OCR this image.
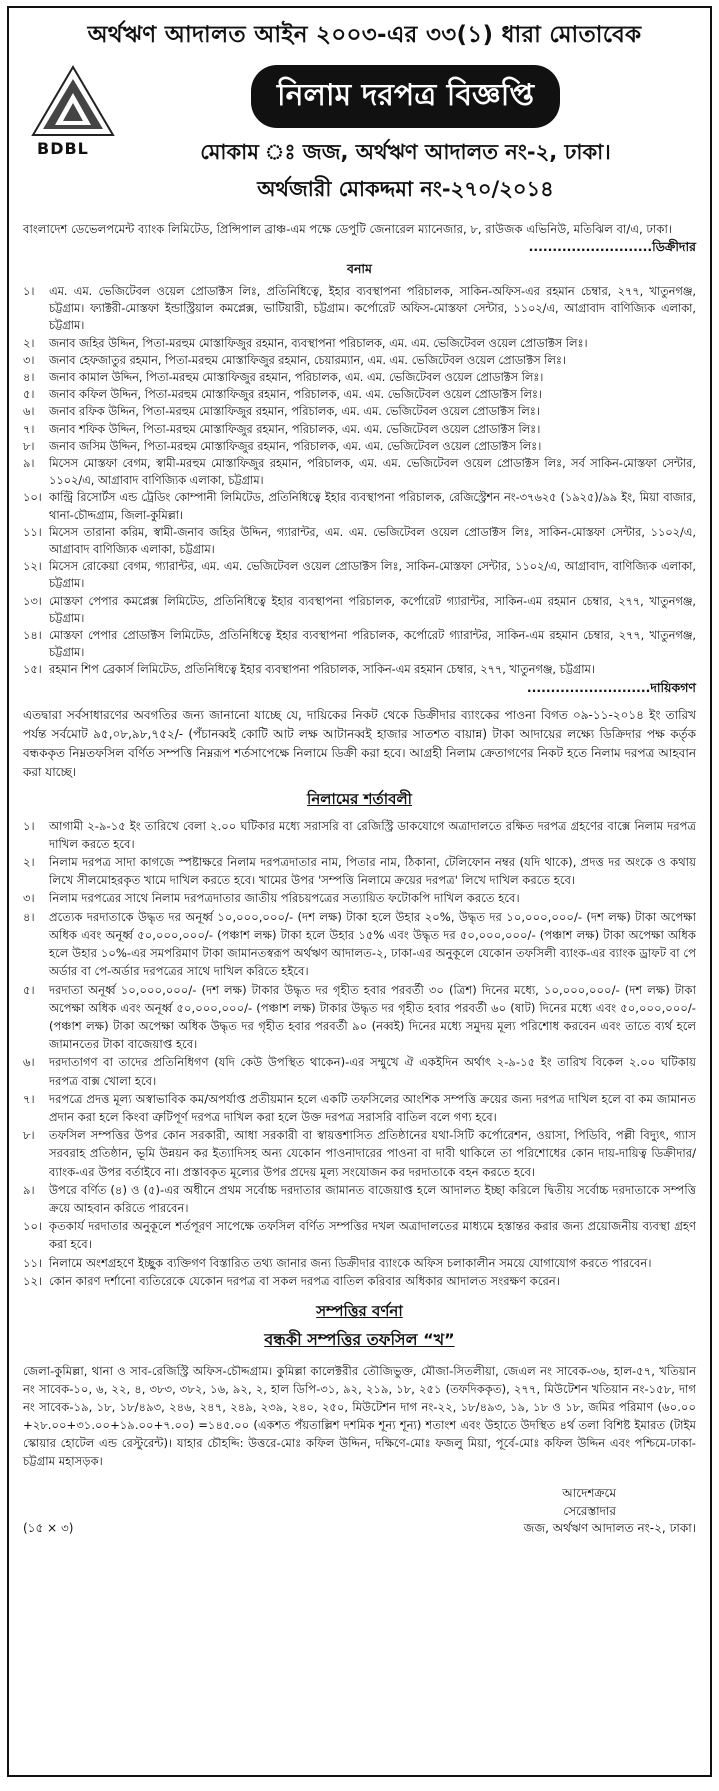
অর্থঋণ আদালত আইন ২০০৩-এর ৩৩(১) ধারা মোতাবেক
BDBL
নিলাম দরপত্র বিজ্ঞপ্তি
মোকাম ঃ জজ, অর্থঋণ আদালত নং-২, ঢাকা।
অর্থজারী মোকদ্দমা নং-২৭০/২০১৪
বাংলাদেশ ডেভেলপমেন্ট ব্যাংক লিমিটেড, প্রিন্সিপাল ব্রাঞ্চ-এম পক্ষে ডেপুটি জেনারেল ম্যানেজার, ৮, রাউজক এভিনিউ, মতিঝিল বা/এ, ঢাকা।
..........................ডিক্রীদার
বনাম
১।	এম. এম. ভেজিটেবল ওয়েল প্রোডাক্টস লিঃ, প্রতিনিধিত্বে, ইহার ব্যবস্থাপনা পরিচালক, সাকিন-অফিস-এর রহমান চেম্বার, ২৭৭, খাতুনগঞ্জ, চট্টগ্রাম। ফ্যাক্টরী-মোস্তফা ইন্ডাস্ট্রিয়াল কমপ্লেক্স, ভাটিয়ারী, চট্টগ্রাম। কর্পোরেট অফিস-মোস্তফা সেন্টার, ১১০২/এ, আগ্রাবাদ বাণিজ্যিক এলাকা, চট্টগ্রাম।
২।	জনাব জহির উদ্দিন, পিতা-মরহুম মোস্তাফিজুর রহমান, ব্যবস্থাপনা পরিচালক, এম. এম. ভেজিটেবল ওয়েল প্রোডাক্টস লিঃ।
৩।	জনাব হেফজাতুর রহমান, পিতা-মরহুম মোস্তাফিজুর রহমান, চেয়ারম্যান, এম. এম. ভেজিটেবল ওয়েল প্রোডাক্টস লিঃ।
৪।	জনাব কামাল উদ্দিন, পিতা-মরহুম মোস্তাফিজুর রহমান, পরিচালক, এম. এম. ভেজিটেবল ওয়েল প্রোডাক্টস লিঃ।
৫।	জনাব কফিল উদ্দিন, পিতা-মরহুম মোস্তাফিজুর রহমান, পরিচালক, এম. এম. ভেজিটেবল ওয়েল প্রোডাক্টস লিঃ।
৬।	জনাব রফিক উদ্দিন, পিতা-মরহুম মোস্তাফিজুর রহমান, পরিচালক, এম. এম. ভেজিটেবল ওয়েল প্রোডাক্টস লিঃ।
৭।	জনাব শফিক উদ্দিন, পিতা-মরহুম মোস্তাফিজুর রহমান, পরিচালক, এম. এম. ভেজিটেবল ওয়েল প্রোডাক্টস লিঃ।
৮।	জনাব জসিম উদ্দিন, পিতা-মরহুম মোস্তাফিজুর রহমান, পরিচালক, এম. এম. ভেজিটেবল ওয়েল প্রোডাক্টস লিঃ।
৯।	মিসেস মোস্তফা বেগম, স্বামী-মরহুম মোস্তাফিজুর রহমান, পরিচালক, এম. এম. ভেজিটেবল ওয়েল প্রোডাক্টস লিঃ, সর্ব সাকিন-মোস্তফা সেন্টার, ১১০২/এ, আগ্রাবাদ বাণিজ্যিক এলাকা, চট্টগ্রাম।
১০। কান্ট্রি রিসোর্টস এন্ড ট্রেডিং কোম্পানী লিমিটেড, প্রতিনিধিত্বে ইহার ব্যবস্থাপনা পরিচালক, রেজিস্ট্রেশন নং-৩৭৬২৫ (১৯২৫)/৯৯ ইং, মিয়া বাজার, থানা-চৌদ্দগ্রাম, জিলা-কুমিল্লা।
১১। মিসেস তারানা করিম, স্বামী-জনাব জহির উদ্দিন, গ্যারান্টর, এম. এম. ভেজিটেবল ওয়েল প্রোডাক্টস লিঃ, সাকিন-মোস্তফা সেন্টার, ১১০২/এ, আগ্রাবাদ বাণিজ্যিক এলাকা, চট্টগ্রাম।
১২। মিসেস রোকেয়া বেগম, গ্যারান্টর, এম. এম. ভেজিটেবল ওয়েল প্রোডাক্টস লিঃ, সাকিন-মোস্তফা সেন্টার, ১১০২/এ, আগ্রাবাদ, বাণিজ্যিক এলাকা, চট্টগ্রাম।
১৩। মোস্তফা পেপার কমপ্লেক্স লিমিটেড, প্রতিনিধিত্বে ইহার ব্যবস্থাপনা পরিচালক, কর্পোরেট গ্যারান্টর, সাকিন-এম রহমান চেম্বার, ২৭৭, খাতুনগঞ্জ, চট্টগ্রাম।
১৪। মোস্তফা পেপার প্রোডাক্টস লিমিটেড, প্রতিনিধিত্বে ইহার ব্যবস্থাপনা পরিচালক, কর্পোরেট গ্যারান্টর, সাকিন-এম রহমান চেম্বার, ২৭৭, খাতুনগঞ্জ, চট্টগ্রাম।
১৫। রহমান শিপ ব্রেকার্স লিমিটেড, প্রতিনিধিত্বে ইহার ব্যবস্থাপনা পরিচালক, সাকিন-এম রহমান চেম্বার, ২৭৭, খাতুনগঞ্জ, চট্টগ্রাম।
..........................দায়িকগণ
এতদ্বারা সর্বসাধারণের অবগতির জন্য জানানো যাচ্ছে যে, দায়িকের নিকট থেকে ডিক্রীদার ব্যাংকের পাওনা বিগত ০৯-১১-২০১৪ ইং তারিখ পর্যন্ত সর্বমোট ৯৫,০৮,৯৮,৭৫২/- (পঁচানব্বই কোটি আট লক্ষ আটানব্বই হাজার সাতশত বায়ান্ন) টাকা আদায়ের লক্ষ্যে ডিক্রিদার পক্ষ কর্তৃক বন্ধককৃত নিম্নতফসিল বর্ণিত সম্পত্তি নিম্নরূপ শর্তসাপেক্ষে নিলামে ডিক্রী করা হবে। আগ্রহী নিলাম ক্রেতাগণের নিকট হতে নিলাম দরপত্র আহবান করা যাচ্ছে।
নিলামের শর্তাবলী
১।	আগামী ২-৯-১৫ ইং তারিখে বেলা ২.০০ ঘটিকার মধ্যে সরাসরি বা রেজিস্ট্রি ডাকযোগে অত্রাদালতে রক্ষিত দরপত্র গ্রহণের বাক্সে নিলাম দরপত্র দাখিল করতে হবে।
২।	নিলাম দরপত্র সাদা কাগজে স্পষ্টাক্ষরে নিলাম দরপত্রদাতার নাম, পিতার নাম, ঠিকানা, টেলিফোন নম্বর (যদি থাকে), প্রদত্ত দর অংকে ও কথায় লিখে সীলমোহরকৃত খামে দাখিল করতে হবে। খামের উপর 'সম্পত্তি নিলামে ক্রয়ের দরপত্র' লিখে দাখিল করতে হবে।
৩।	নিলাম দরপত্রের সাথে নিলাম দরপত্রদাতার জাতীয় পরিচয়পত্রের সত্যায়িত ফটোকপি দাখিল করতে হবে।
৪।	প্রত্যেক দরদাতাকে উদ্ধৃত দর অনূর্ধ্ব ১০,০০০,০০০/- (দশ লক্ষ) টাকা হলে উহার ২০%, উদ্ধৃত দর ১০,০০০,০০০/- (দশ লক্ষ) টাকা অপেক্ষা অধিক এবং অনূর্ধ্ব ৫০,০০০,০০০/- (পঞ্চাশ লক্ষ) টাকা হলে উহার ১৫% এবং উদ্ধৃত দর ৫০,০০০,০০০/- (পঞ্চাশ লক্ষ) টাকা অপেক্ষা অধিক হলে উহার ১০%-এর সমপরিমাণ টাকা জামানতস্বরূপ অর্থঋণ আদালত-২, ঢাকা-এর অনুকূলে যেকোন তফসিলী ব্যাংক-এর ব্যাংক ড্রাফট বা পে অর্ডার বা পে-অর্ডার দরপত্রের সাথে দাখিল করিতে হইবে।
৫।	দরদাতা অনূর্ধ্ব ১০,০০০,০০০/- (দশ লক্ষ) টাকার উদ্ধৃত দর গৃহীত হবার পরবর্তী ৩০ (ত্রিশ) দিনের মধ্যে, ১০,০০০,০০০/- (দশ লক্ষ) টাকা অপেক্ষা অধিক এবং অনূর্ধ্ব ৫০,০০০,০০০/- (পঞ্চাশ লক্ষ) টাকার উদ্ধৃত দর গৃহীত হবার পরবর্তী ৬০ (ষাট) দিনের মধ্যে এবং ৫০,০০০,০০০/- (পঞ্চাশ লক্ষ) টাকা অপেক্ষা অধিক উদ্ধৃত দর গৃহীত হবার পরবর্তী ৯০ (নব্বই) দিনের মধ্যে সমুদয় মূল্য পরিশোধ করবেন এবং তাতে ব্যর্থ হলে জামানতের টাকা বাজেয়াপ্ত হবে।
৬।	দরদাতাগণ বা তাদের প্রতিনিধিগণ (যদি কেউ উপস্থিত থাকেন)-এর সম্মুখে ঐ একইদিন অর্থাৎ ২-৯-১৫ ইং তারিখ বিকেল ২.০০ ঘটিকায় দরপত্র বাক্স খোলা হবে।
৭।	দরপত্রে প্রদত্ত মূল্য অস্বাভাবিক কম/অপর্যাপ্ত প্রতীয়মান হলে একটি তফসিলের আংশিক সম্পত্তি ক্রয়ের জন্য দরপত্র দাখিল হলে বা কম জামানত প্রদান করা হলে কিংবা ত্রুটিপূর্ণ দরপত্র দাখিল করা হলে উক্ত দরপত্র সরাসরি বাতিল বলে গণ্য হবে।
৮।	তফসিল সম্পত্তির উপর কোন সরকারী, আধা সরকারী বা স্বায়ত্তশাসিত প্রতিষ্ঠানের যথা-সিটি কর্পোরেশন, ওয়াসা, পিডিবি, পল্লী বিদ্যুৎ, গ্যাস সরবরাহ প্রতিষ্ঠান, ভূমি উন্নয়ন কর ইত্যাদিসহ অন্য যেকোন পাওনাদারের পাওনা বা দাবী থাকিলে তা পরিশোধের কোন দায়-দায়িত্ব ডিক্রীদার/ব্যাংক-এর উপর বর্তাইবে না। প্রস্তাবকৃত মূল্যের উপর প্রদেয় মূল্য সংযোজন কর দরদাতাকে বহন করতে হবে।
৯।	উপরে বর্ণিত (৪) ও (৫)-এর অধীনে প্রথম সর্বোচ্চ দরদাতার জামানত বাজেয়াপ্ত হলে আদালত ইচ্ছা করিলে দ্বিতীয় সর্বোচ্চ দরদাতাকে সম্পত্তি ক্রয়ে আহবান করিতে পারবেন।
১০। কৃতকার্য দরদাতার অনুকূলে শর্তপূরণ সাপেক্ষে তফসিল বর্ণিত সম্পত্তির দখল অত্রাদালতের মাধ্যমে হস্তান্তর করার জন্য প্রয়োজনীয় ব্যবস্থা গ্রহণ করা হবে।
১১। নিলামে অংশগ্রহণে ইচ্ছুক ব্যক্তিগণ বিস্তারিত তথ্য জানার জন্য ডিক্রীদার ব্যাংকে অফিস চলাকালীন সময়ে যোগাযোগ করতে পারবেন।
১২। কোন কারণ দর্শানো ব্যতিরেকে যেকোন দরপত্র বা সকল দরপত্র বাতিল করিবার অধিকার আদালত সংরক্ষণ করেন।
সম্পত্তির বর্ণনা
বন্ধকী সম্পত্তির তফসিল “খ”
জেলা-কুমিল্লা, থানা ও সাব-রেজিস্ট্রি অফিস-চৌদ্দগ্রাম। কুমিল্লা কালেক্টরীর তৌজিভুক্ত, মৌজা-সিতলীয়া, জেএল নং সাবেক-৩৬, হাল-৫৭, খতিয়ান নং সাবেক-১০, ৬, ২২, ৪, ৩৮৩, ৩৮২, ১৬, ৯২, ২, হাল ডিপি-৩১, ৯২, ২১৯, ১৮, ২৫১ (তফদিককৃত), ২৭৭, মিউটেশন খতিয়ান নং-১৫৮, দাগ নং সাবেক-১৯, ১৮, ১৮/৪৯৩, ২৪৬, ২৪৭, ২৪৯, ২৩৯, ২৪০, ২৫০, মিউটেশন দাগ নং-২২, ১৮/৪৯৩, ১৯, ১৮ ও ১৮, জমির পরিমাণ (৬০.০০ +২৮.০০+৩১.০০+১৯.০০+৭.০০) =১৪৫.০০ (একশত পঁয়তাল্লিশ দশমিক শূন্য শূন্য) শতাংশ এবং উহাতে উদস্থিত ৪র্থ তলা বিশিষ্ট ইমারত (টাইম স্কোয়ার হোটেল এন্ড রেস্টুরেন্ট)। যাহার চৌহদ্দি: উত্তরে-মোঃ কফিল উদ্দিন, দক্ষিণে-মোঃ ফজলু মিয়া, পূর্বে-মোঃ কফিল উদ্দিন এবং পশ্চিমে-ঢাকা-চট্টগ্রাম মহাসড়ক।
আদেশক্রমে
সেরেস্তাদার
(১৫ × ৩)	জজ, অর্থঋণ আদালত নং-২, ঢাকা।
